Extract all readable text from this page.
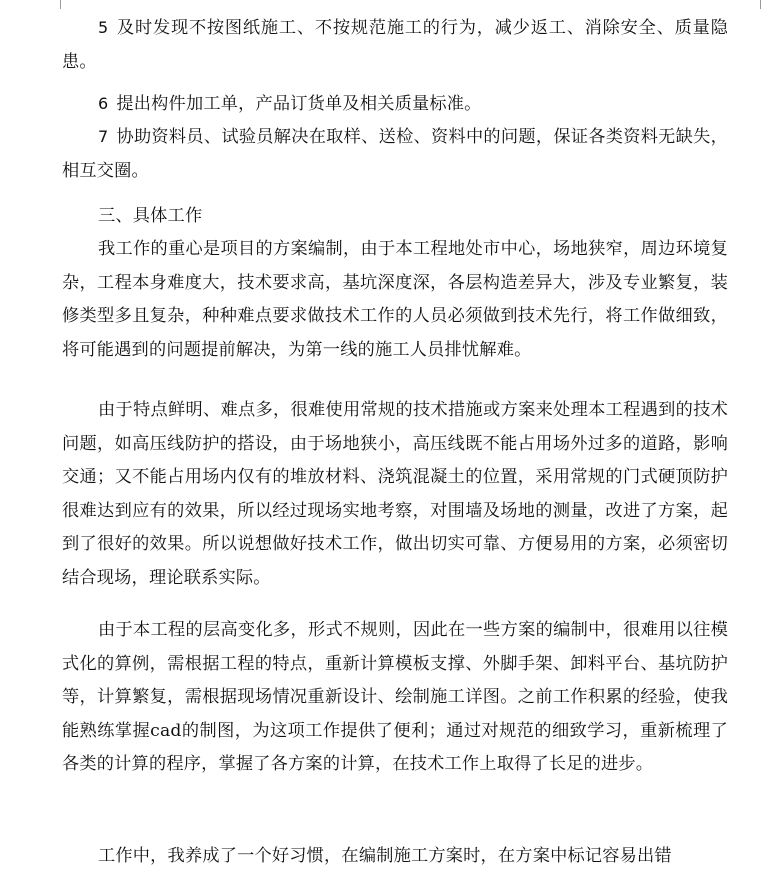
5 及时发现不按图纸施工、不按规范施工的行为，减少返工、消除安全、质量隐患。
6 提出构件加工单，产品订货单及相关质量标准。
7 协助资料员、试验员解决在取样、送检、资料中的问题，保证各类资料无缺失，相互交圈。
三、具体工作
我工作的重心是项目的方案编制，由于本工程地处市中心，场地狭窄，周边环境复杂，工程本身难度大，技术要求高，基坑深度深，各层构造差异大，涉及专业繁复，装修类型多且复杂，种种难点要求做技术工作的人员必须做到技术先行，将工作做细致，将可能遇到的问题提前解决，为第一线的施工人员排忧解难。
由于特点鲜明、难点多，很难使用常规的技术措施或方案来处理本工程遇到的技术问题，如高压线防护的搭设，由于场地狭小，高压线既不能占用场外过多的道路，影响交通；又不能占用场内仅有的堆放材料、浇筑混凝土的位置，采用常规的门式硬顶防护很难达到应有的效果，所以经过现场实地考察，对围墙及场地的测量，改进了方案，起到了很好的效果。所以说想做好技术工作，做出切实可靠、方便易用的方案，必须密切结合现场，理论联系实际。
由于本工程的层高变化多，形式不规则，因此在一些方案的编制中，很难用以往模式化的算例，需根据工程的特点，重新计算模板支撑、外脚手架、卸料平台、基坑防护等，计算繁复，需根据现场情况重新设计、绘制施工详图。之前工作积累的经验，使我能熟练掌握cad的制图，为这项工作提供了便利；通过对规范的细致学习，重新梳理了各类的计算的程序，掌握了各方案的计算，在技术工作上取得了长足的进步。
工作中，我养成了一个好习惯，在编制施工方案时，在方案中标记容易出错
